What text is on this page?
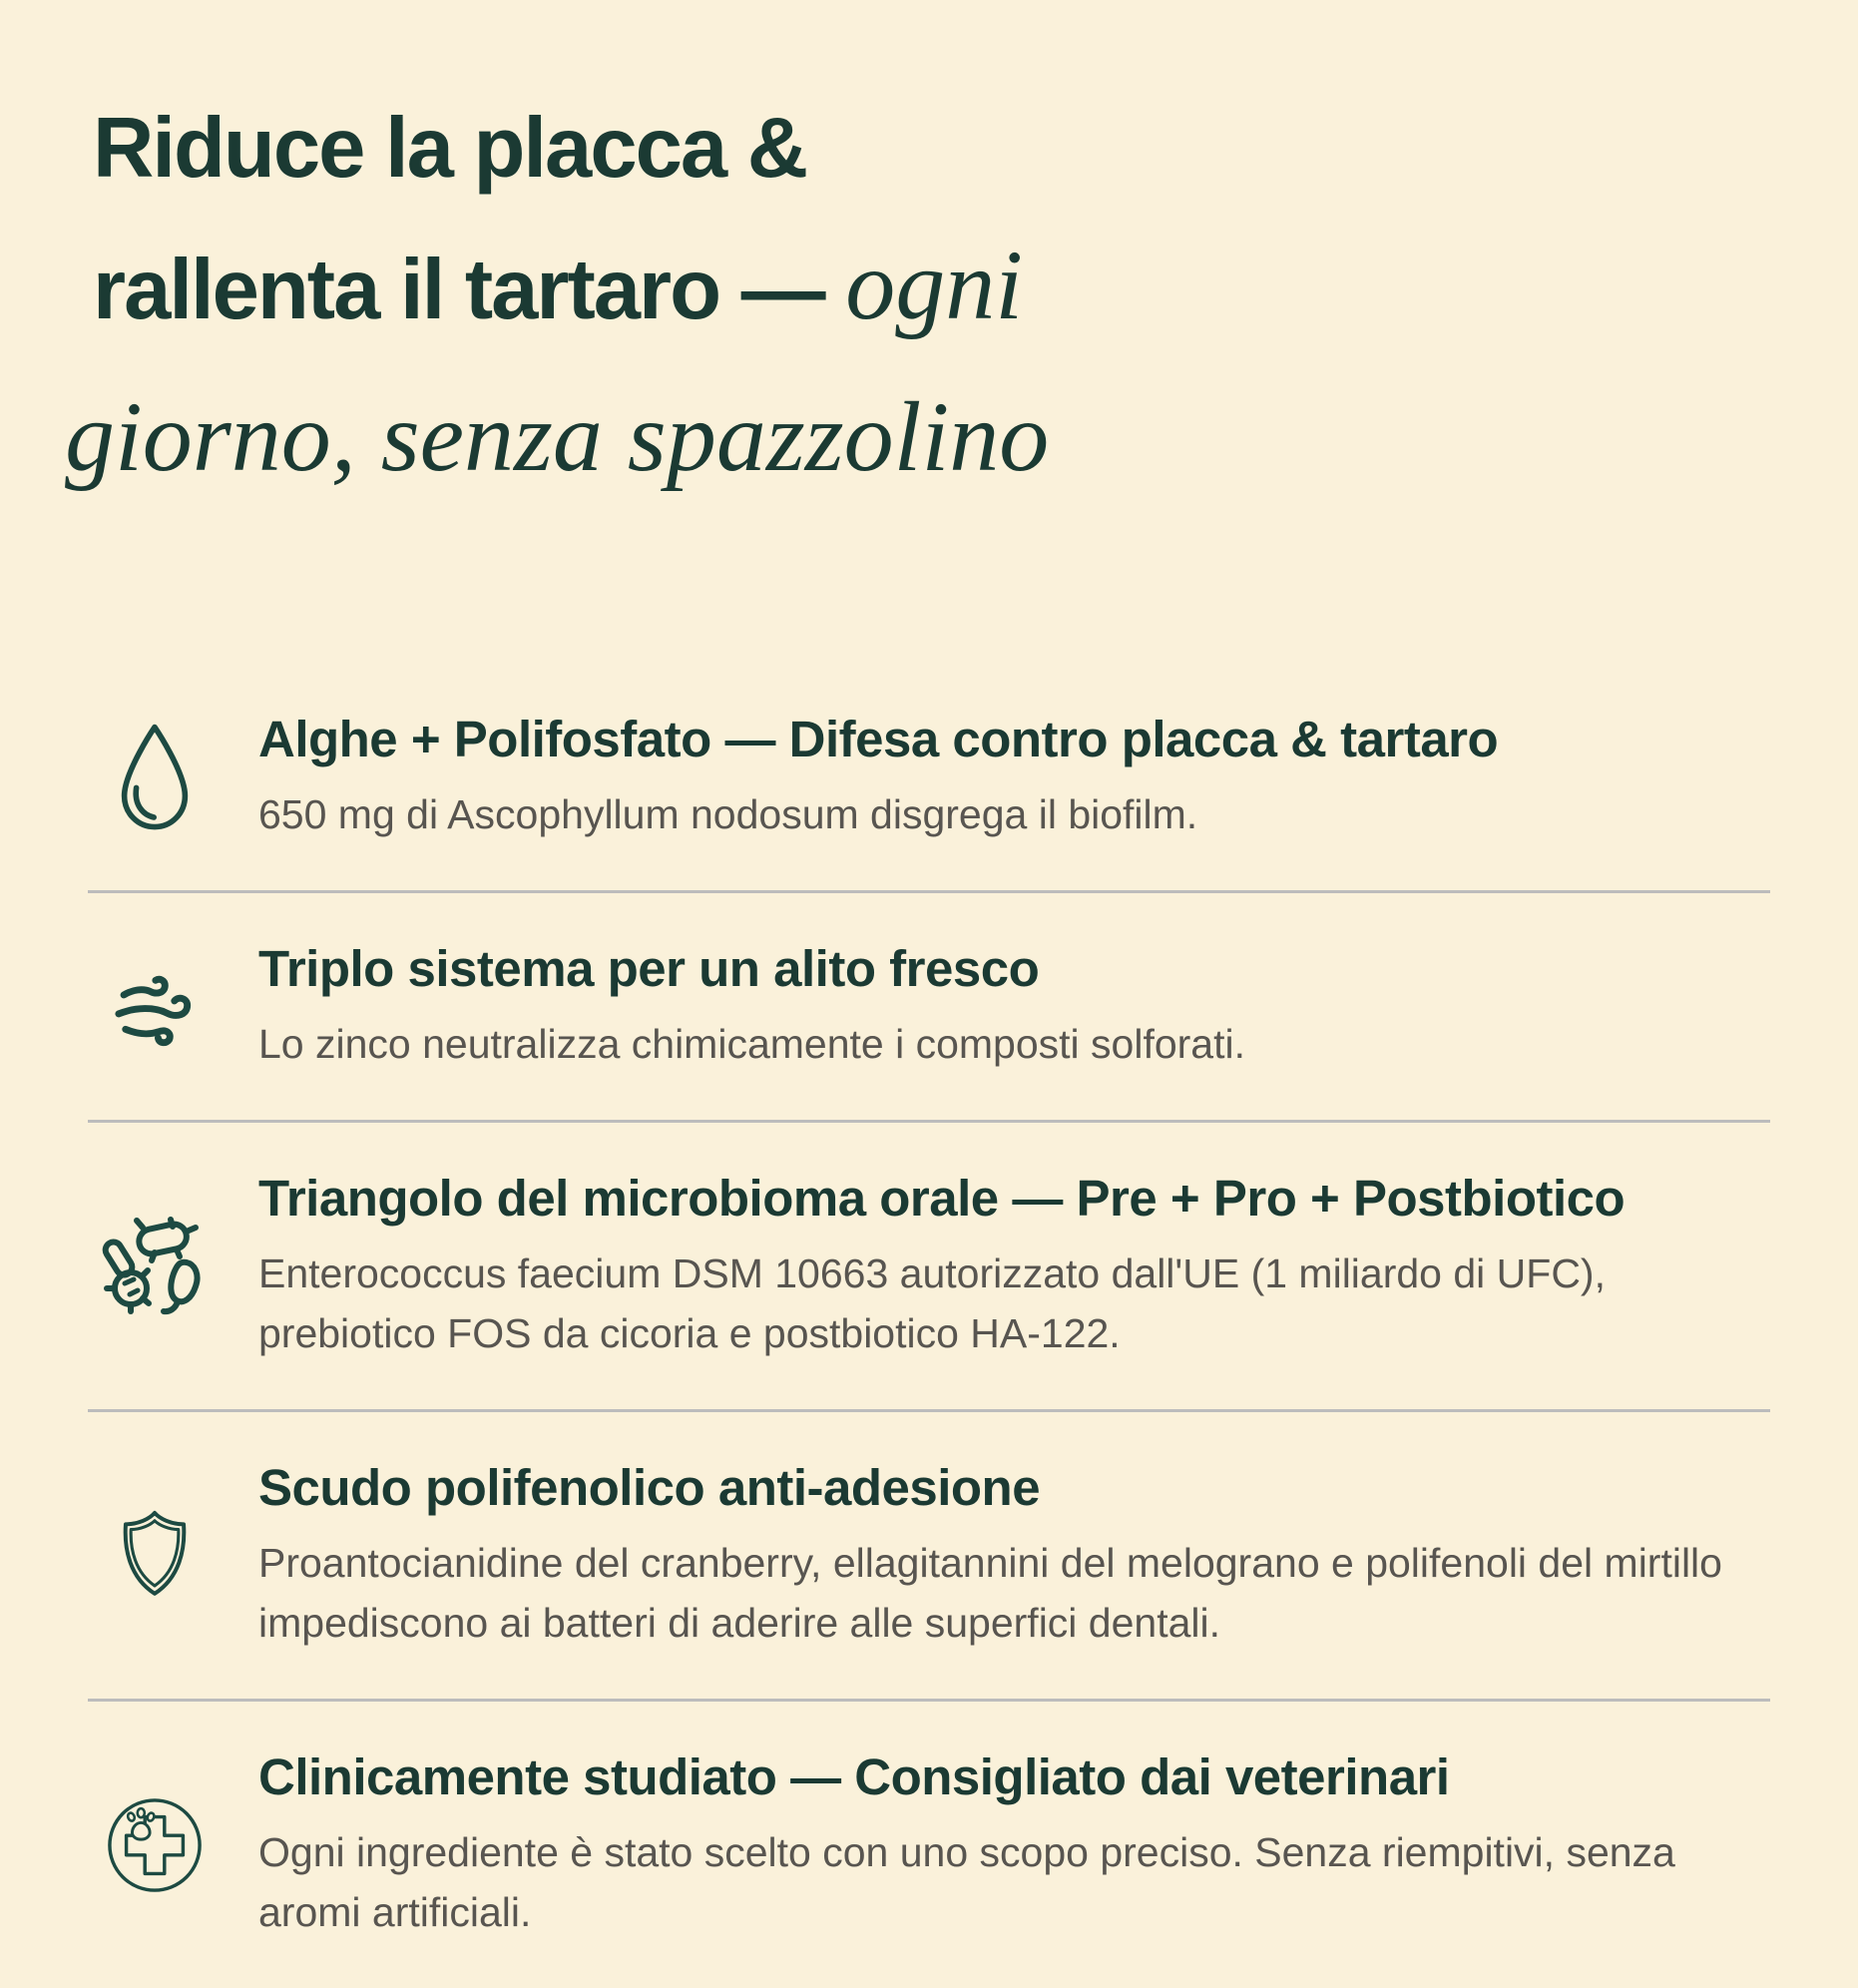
Riduce la placca &
rallenta il tartaro — ogni
giorno, senza spazzolino
Alghe + Polifosfato — Difesa contro placca & tartaro
650 mg di Ascophyllum nodosum disgrega il biofilm.
Triplo sistema per un alito fresco
Lo zinco neutralizza chimicamente i composti solforati.
Triangolo del microbioma orale — Pre + Pro + Postbiotico
Enterococcus faecium DSM 10663 autorizzato dall'UE (1 miliardo di UFC), prebiotico FOS da cicoria e postbiotico HA-122.
Scudo polifenolico anti-adesione
Proantocianidine del cranberry, ellagitannini del melograno e polifenoli del mirtillo impediscono ai batteri di aderire alle superfici dentali.
Clinicamente studiato — Consigliato dai veterinari
Ogni ingrediente è stato scelto con uno scopo preciso. Senza riempitivi, senza aromi artificiali.
